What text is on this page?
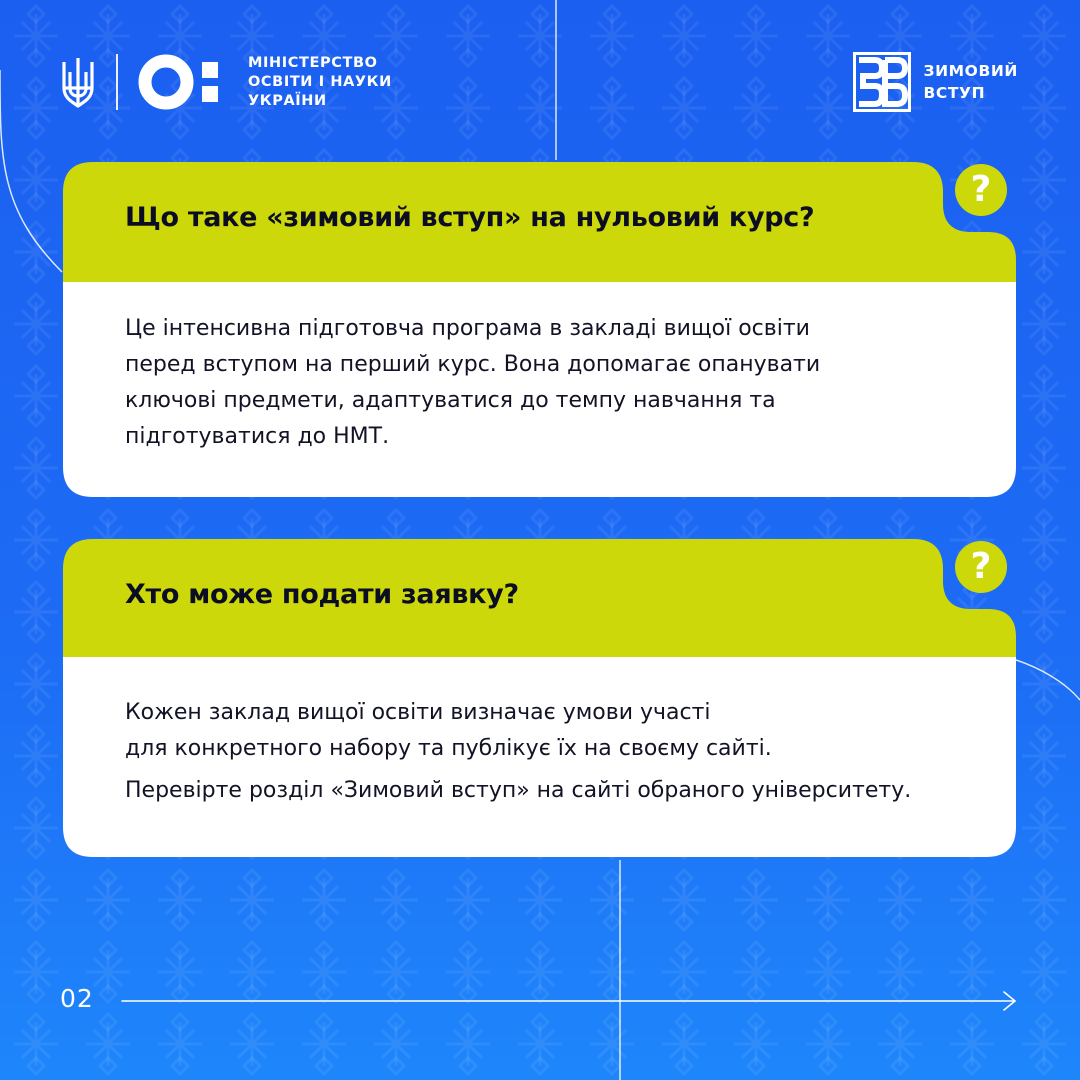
МІНІСТЕРСТВО
ОСВІТИ І НАУКИ
УКРАЇНИ
ЗИМОВИЙ
ВСТУП
?
Що таке «зимовий вступ» на нульовий курс?

Це інтенсивна підготовча програма в закладі вищої освіти

перед вступом на перший курс. Вона допомагає опанувати

ключові предмети, адаптуватися до темпу навчання та

підготуватися до НМТ.

?
Хто може подати заявку?

Кожен заклад вищої освіти визначає умови участі

для конкретного набору та публікує їх на своєму сайті.

Перевірте розділ «Зимовий вступ» на сайті обраного університету.

02
